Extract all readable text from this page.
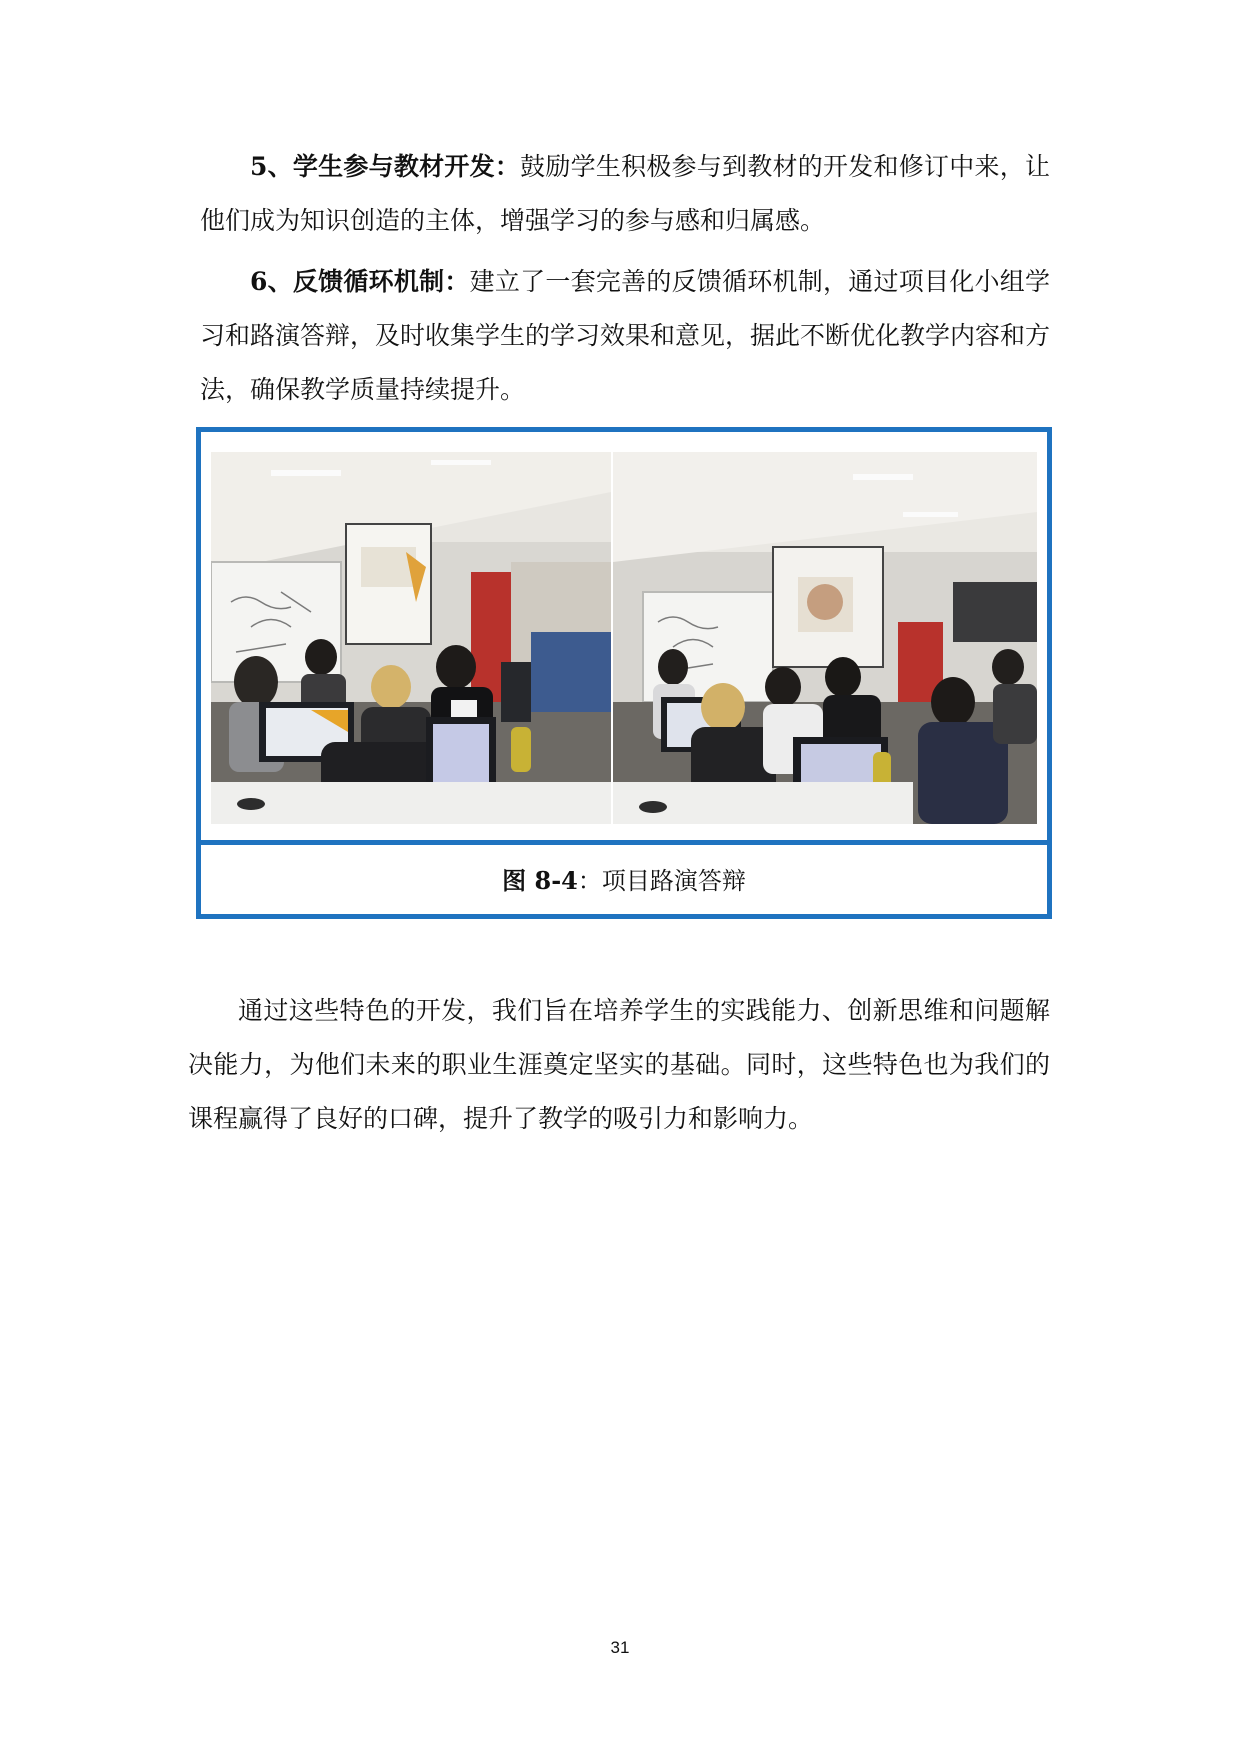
5、学生参与教材开发：鼓励学生积极参与到教材的开发和修订中来，让他们成为知识创造的主体，增强学习的参与感和归属感。

6、反馈循环机制：建立了一套完善的反馈循环机制，通过项目化小组学习和路演答辩，及时收集学生的学习效果和意见，据此不断优化教学内容和方法，确保教学质量持续提升。

图 8-4：项目路演答辩

通过这些特色的开发，我们旨在培养学生的实践能力、创新思维和问题解决能力，为他们未来的职业生涯奠定坚实的基础。同时，这些特色也为我们的课程赢得了良好的口碑，提升了教学的吸引力和影响力。

31
